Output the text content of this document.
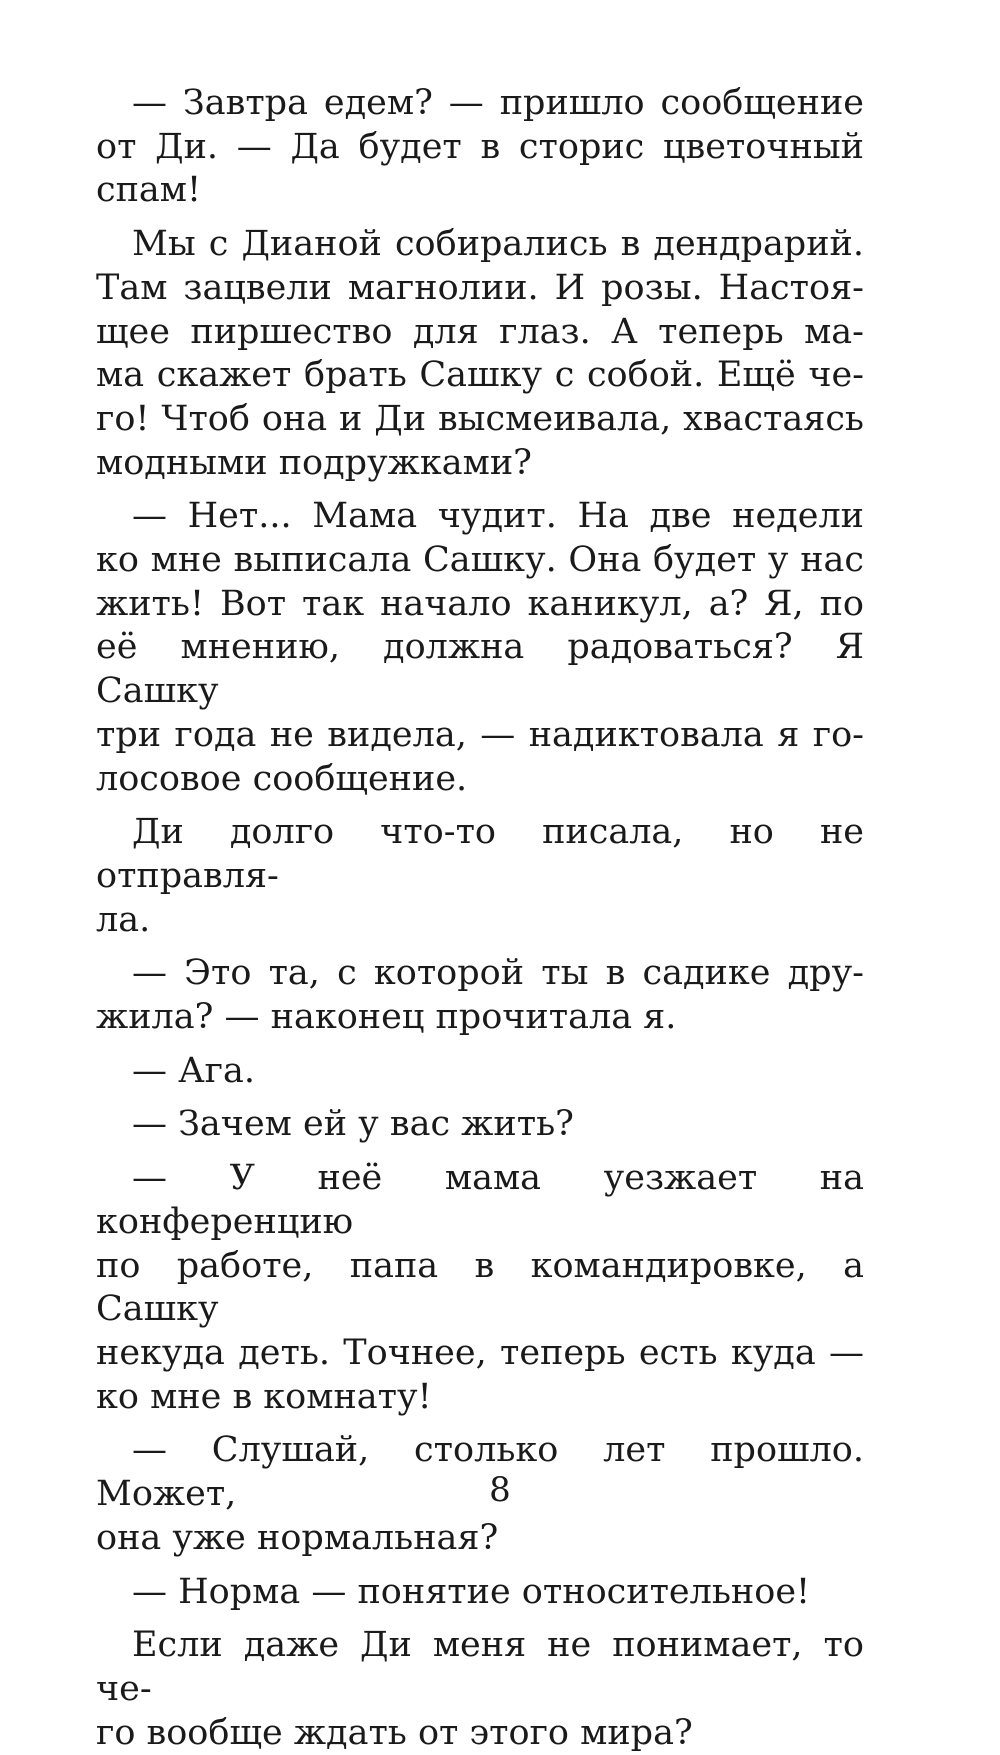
— Завтра едем? — пришло сообщение
от Ди. — Да будет в сторис цветочный
спам!
Мы с Дианой собирались в дендрарий.
Там зацвели магнолии. И розы. Настоя-
щее пиршество для глаз. А теперь ма-
ма скажет брать Сашку с собой. Ещё че-
го! Чтоб она и Ди высмеивала, хвастаясь
модными подружками?
— Нет... Мама чудит. На две недели
ко мне выписала Сашку. Она будет у нас
жить! Вот так начало каникул, а? Я, по
её мнению, должна радоваться? Я Сашку
три года не видела, — надиктовала я го-
лосовое сообщение.
Ди долго что-то писала, но не отправля-
ла.
— Это та, с которой ты в садике дру-
жила? — наконец прочитала я.
— Ага.
— Зачем ей у вас жить?
— У неё мама уезжает на конференцию
по работе, папа в командировке, а Сашку
некуда деть. Точнее, теперь есть куда —
ко мне в комнату!
— Слушай, столько лет прошло. Может,
она уже нормальная?
— Норма — понятие относительное!
Если даже Ди меня не понимает, то че-
го вообще ждать от этого мира?
8
